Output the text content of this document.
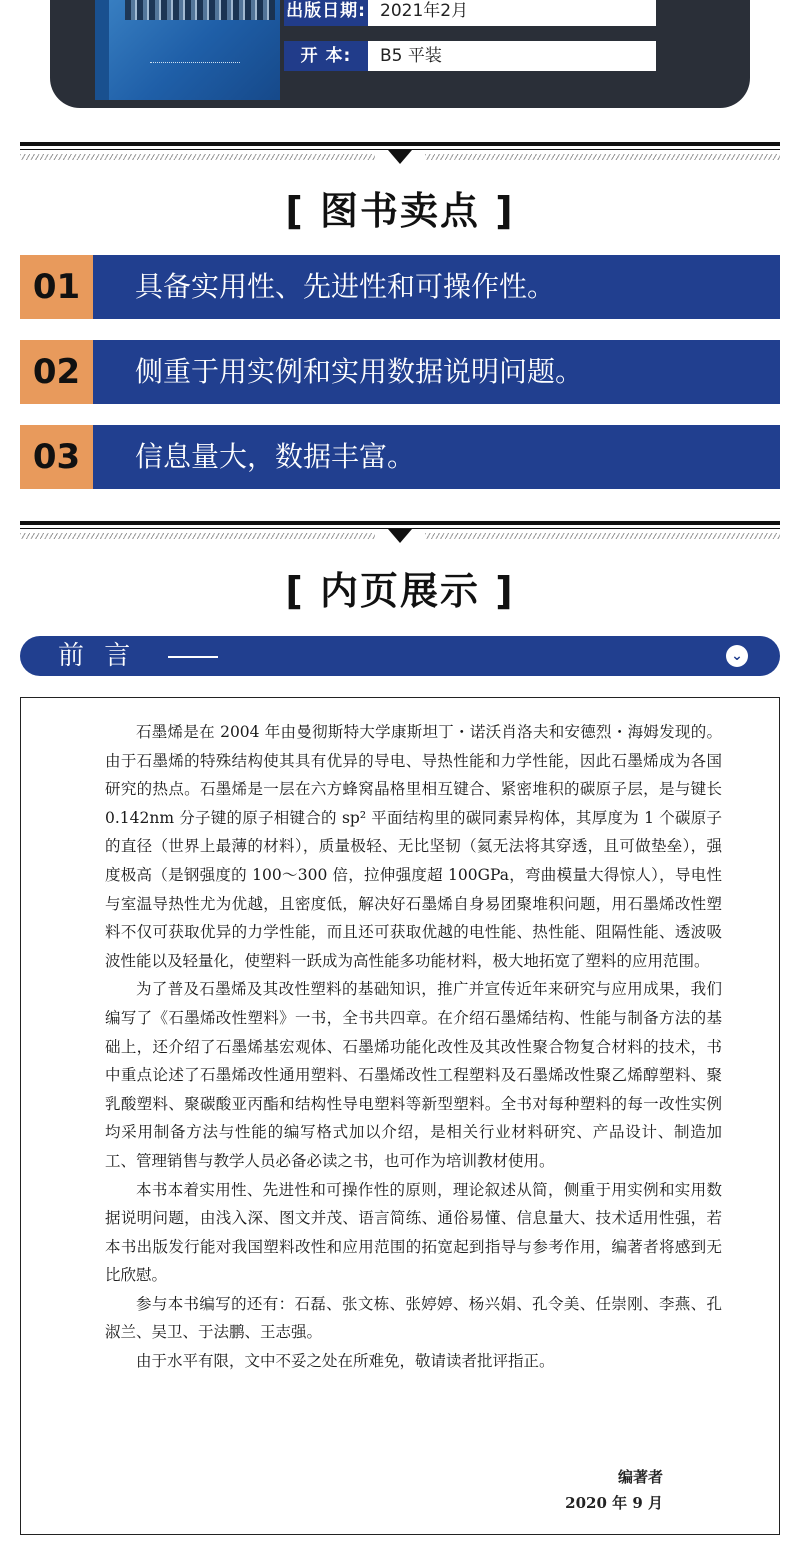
出版日期: 2021年2月
开 本:	B5 平装
[ 图书卖点 ]
01	具备实用性、先进性和可操作性。
02	侧重于用实例和实用数据说明问题。
03	信息量大，数据丰富。
[ 内页展示 ]
前 言	⌄

石墨烯是在 2004 年由曼彻斯特大学康斯坦丁・诺沃肖洛夫和安德烈・海姆发现的。由于石墨烯的特殊结构使其具有优异的导电、导热性能和力学性能，因此石墨烯成为各国研究的热点。石墨烯是一层在六方蜂窝晶格里相互键合、紧密堆积的碳原子层，是与键长 0.142nm 分子键的原子相键合的 sp² 平面结构里的碳同素异构体，其厚度为 1 个碳原子的直径（世界上最薄的材料），质量极轻、无比坚韧（氦无法将其穿透，且可做垫垒），强度极高（是钢强度的 100～300 倍，拉伸强度超 100GPa，弯曲模量大得惊人），导电性与室温导热性尤为优越，且密度低，解决好石墨烯自身易团聚堆积问题，用石墨烯改性塑料不仅可获取优异的力学性能，而且还可获取优越的电性能、热性能、阻隔性能、透波吸波性能以及轻量化，使塑料一跃成为高性能多功能材料，极大地拓宽了塑料的应用范围。

为了普及石墨烯及其改性塑料的基础知识，推广并宣传近年来研究与应用成果，我们编写了《石墨烯改性塑料》一书，全书共四章。在介绍石墨烯结构、性能与制备方法的基础上，还介绍了石墨烯基宏观体、石墨烯功能化改性及其改性聚合物复合材料的技术，书中重点论述了石墨烯改性通用塑料、石墨烯改性工程塑料及石墨烯改性聚乙烯醇塑料、聚乳酸塑料、聚碳酸亚丙酯和结构性导电塑料等新型塑料。全书对每种塑料的每一改性实例均采用制备方法与性能的编写格式加以介绍，是相关行业材料研究、产品设计、制造加工、管理销售与教学人员必备必读之书，也可作为培训教材使用。

本书本着实用性、先进性和可操作性的原则，理论叙述从简，侧重于用实例和实用数据说明问题，由浅入深、图文并茂、语言简练、通俗易懂、信息量大、技术适用性强，若本书出版发行能对我国塑料改性和应用范围的拓宽起到指导与参考作用，编著者将感到无比欣慰。

参与本书编写的还有：石磊、张文栋、张婷婷、杨兴娟、孔令美、任崇刚、李燕、孔淑兰、吴卫、于法鹏、王志强。

由于水平有限，文中不妥之处在所难免，敬请读者批评指正。

编著者
2020 年 9 月
